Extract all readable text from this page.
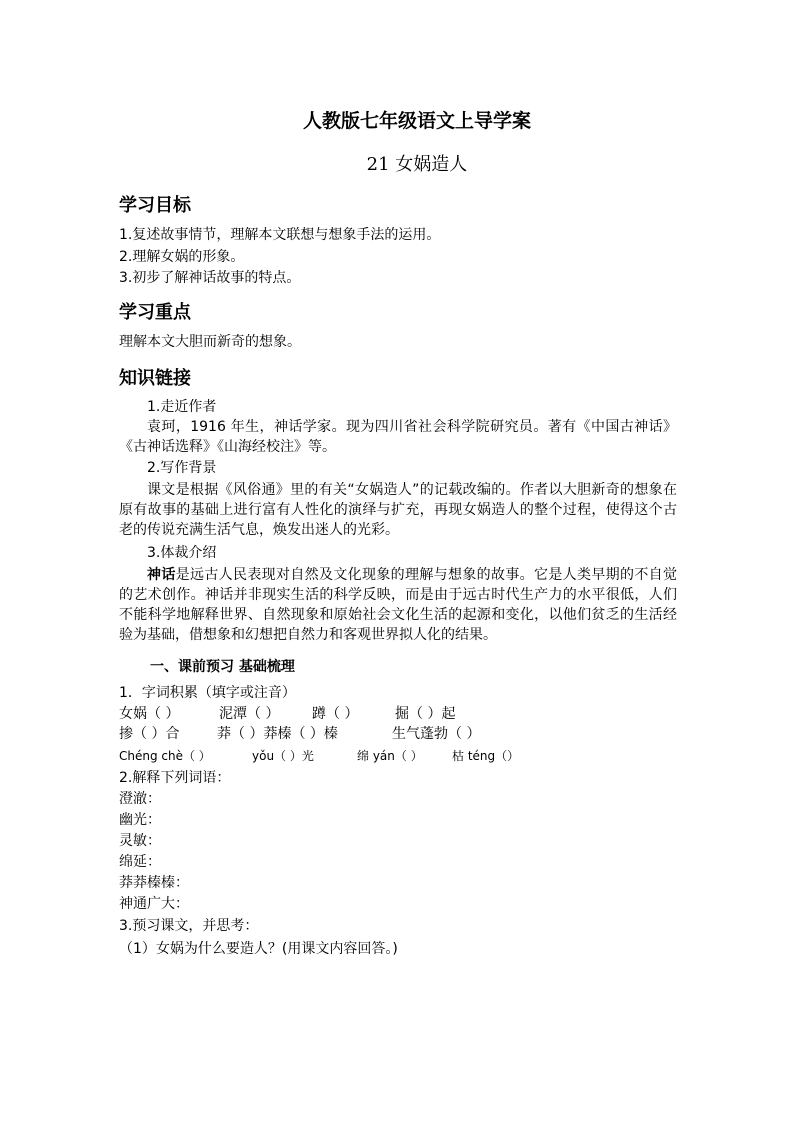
人教版七年级语文上导学案
21 女娲造人
学习目标
1.复述故事情节，理解本文联想与想象手法的运用。
2.理解女娲的形象。
3.初步了解神话故事的特点。
学习重点
理解本文大胆而新奇的想象。
知识链接
1.走近作者
袁珂，1916 年生，神话学家。现为四川省社会科学院研究员。著有《中国古神话》《古神话选释》《山海经校注》等。
2.写作背景
课文是根据《风俗通》里的有关“女娲造人”的记载改编的。作者以大胆新奇的想象在原有故事的基础上进行富有人性化的演绎与扩充，再现女娲造人的整个过程，使得这个古老的传说充满生活气息，焕发出迷人的光彩。
3.体裁介绍
神话是远古人民表现对自然及文化现象的理解与想象的故事。它是人类早期的不自觉的艺术创作。神话并非现实生活的科学反映，而是由于远古时代生产力的水平很低，人们不能科学地解释世界、自然现象和原始社会文化生活的起源和变化，以他们贫乏的生活经验为基础，借想象和幻想把自然力和客观世界拟人化的结果。
一、课前预习 基础梳理
1．字词积累（填字或注音）
女娲（ ）	泥潭（ ） 蹲（ ）	掘（ ）起
掺（ ）合	莽（ ）莽榛（ ）榛	生气蓬勃（ ）
Chéng chè（ ）	yǒu（ ）光	绵 yán（ ） 枯 téng（）
2.解释下列词语：
澄澈：
幽光：
灵敏：
绵延：
莽莽榛榛：
神通广大：
3.预习课文，并思考：
（1）女娲为什么要造人？(用课文内容回答。)
